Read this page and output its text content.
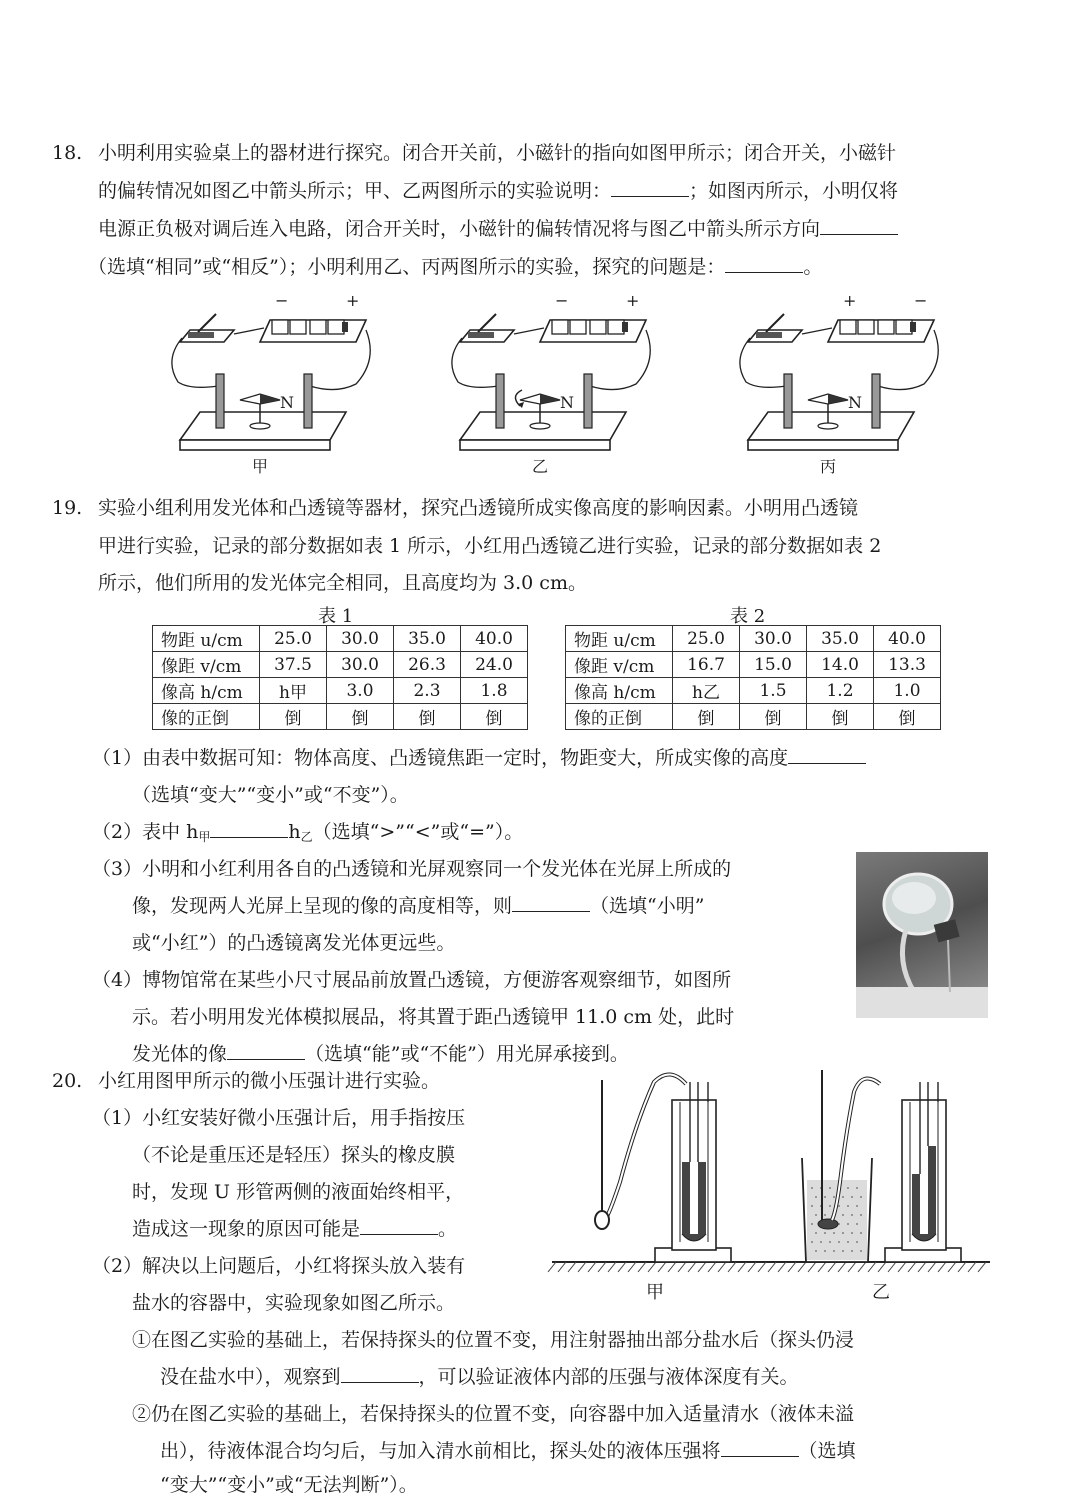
18. 小明利用实验桌上的器材进行探究。闭合开关前，小磁针的指向如图甲所示；闭合开关，小磁针
的偏转情况如图乙中箭头所示；甲、乙两图所示的实验说明：	；如图丙所示，小明仅将
电源正负极对调后连入电路，闭合开关时，小磁针的偏转情况将与图乙中箭头所示方向
（选填“相同”或“相反”）；小明利用乙、丙两图所示的实验，探究的问题是：	。
−	+
N
甲
−	+
N
乙
+	−
N
丙
19. 实验小组利用发光体和凸透镜等器材，探究凸透镜所成实像高度的影响因素。小明用凸透镜
甲进行实验，记录的部分数据如表 1 所示，小红用凸透镜乙进行实验，记录的部分数据如表 2
所示，他们所用的发光体完全相同，且高度均为 3.0 cm。
表 1
物距 u/cm	25.0	30.0	35.0	40.0
像距 v/cm	37.5	30.0	26.3	24.0
像高 h/cm	h甲	3.0	2.3	1.8
像的正倒	倒	倒	倒	倒
表 2
物距 u/cm	25.0	30.0	35.0	40.0
像距 v/cm	16.7	15.0	14.0	13.3
像高 h/cm	h乙	1.5	1.2	1.0
像的正倒	倒	倒	倒	倒
（1）由表中数据可知：物体高度、凸透镜焦距一定时，物距变大，所成实像的高度
（选填“变大”“变小”或“不变”）。
（2）表中 $h_甲$	$h_乙$（选填“>”“<”或“=”）。
（3）小明和小红利用各自的凸透镜和光屏观察同一个发光体在光屏上所成的
像，发现两人光屏上呈现的像的高度相等，则	（选填“小明”
或“小红”）的凸透镜离发光体更远些。
（4）博物馆常在某些小尺寸展品前放置凸透镜，方便游客观察细节，如图所
示。若小明用发光体模拟展品，将其置于距凸透镜甲 11.0 cm 处，此时
发光体的像	（选填“能”或“不能”）用光屏承接到。
20. 小红用图甲所示的微小压强计进行实验。
（1）小红安装好微小压强计后，用手指按压
（不论是重压还是轻压）探头的橡皮膜
时，发现 U 形管两侧的液面始终相平，
造成这一现象的原因可能是	。
（2）解决以上问题后，小红将探头放入装有
盐水的容器中，实验现象如图乙所示。
①在图乙实验的基础上，若保持探头的位置不变，用注射器抽出部分盐水后（探头仍浸
没在盐水中），观察到	，可以验证液体内部的压强与液体深度有关。
②仍在图乙实验的基础上，若保持探头的位置不变，向容器中加入适量清水（液体未溢
出），待液体混合均匀后，与加入清水前相比，探头处的液体压强将	（选填
“变大”“变小”或“无法判断”）。
甲	乙
